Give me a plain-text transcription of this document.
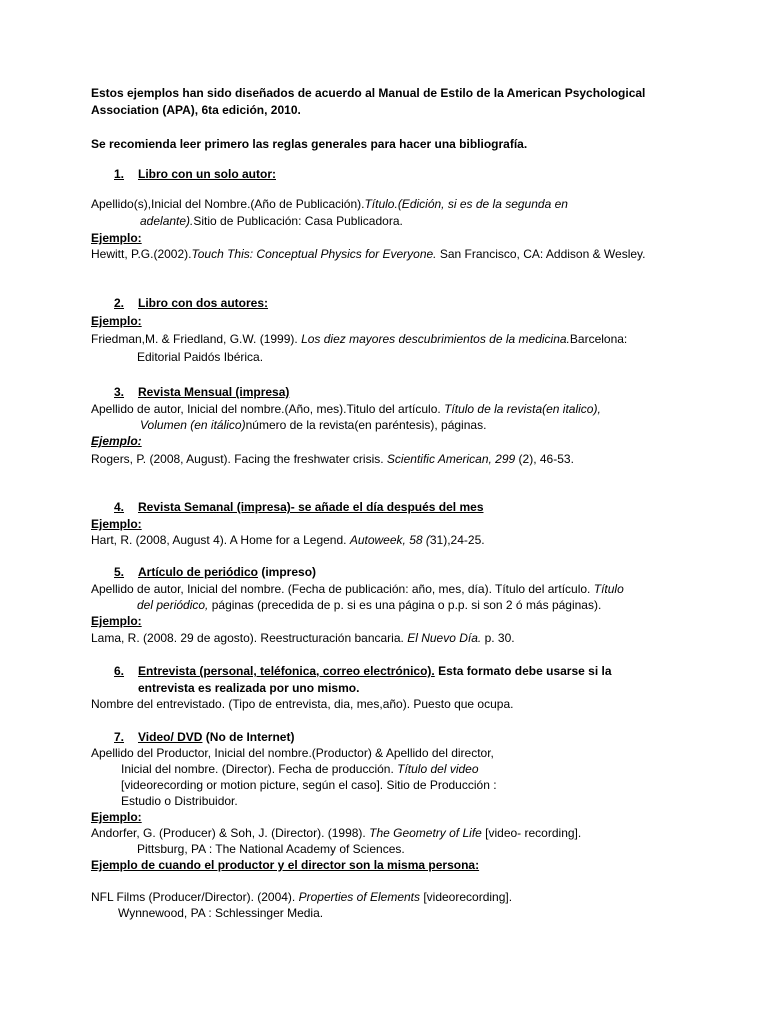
Estos ejemplos han sido diseñados de acuerdo al Manual de Estilo de la American Psychological Association (APA), 6ta edición, 2010.
Se recomienda leer primero las reglas generales para hacer una bibliografía.
1. Libro con un solo autor:
Apellido(s),Inicial del Nombre.(Año de Publicación).Título.(Edición, si es de la segunda en
adelante).Sitio de Publicación: Casa Publicadora.
Ejemplo:
Hewitt, P.G.(2002).Touch This: Conceptual Physics for Everyone. San Francisco, CA: Addison & Wesley.
2. Libro con dos autores:
Ejemplo:
Friedman,M. & Friedland, G.W. (1999). Los diez mayores descubrimientos de la medicina.Barcelona:
Editorial Paidós Ibérica.
3. Revista Mensual (impresa)
Apellido de autor, Inicial del nombre.(Año, mes).Titulo del artículo. Título de la revista(en italico),
Volumen (en itálico)número de la revista(en paréntesis), páginas.
Ejemplo:
Rogers, P. (2008, August). Facing the freshwater crisis. Scientific American, 299 (2), 46-53.
4. Revista Semanal (impresa)- se añade el día después del mes
Ejemplo:
Hart, R. (2008, August 4). A Home for a Legend. Autoweek, 58 (31),24-25.
5. Artículo de periódico (impreso)
Apellido de autor, Inicial del nombre. (Fecha de publicación: año, mes, día). Título del artículo. Título
del periódico, páginas (precedida de p. si es una página o p.p. si son 2 ó más páginas).
Ejemplo:
Lama, R. (2008. 29 de agosto). Reestructuración bancaria. El Nuevo Día. p. 30.
6. Entrevista (personal, teléfonica, correo electrónico). Esta formato debe usarse si la
entrevista es realizada por uno mismo.
Nombre del entrevistado. (Tipo de entrevista, dia, mes,año). Puesto que ocupa.
7. Video/ DVD (No de Internet)
Apellido del Productor, Inicial del nombre.(Productor) & Apellido del director,
Inicial del nombre. (Director). Fecha de producción. Título del video
[videorecording or motion picture, según el caso]. Sitio de Producción :
Estudio o Distribuidor.
Ejemplo:
Andorfer, G. (Producer) & Soh, J. (Director). (1998). The Geometry of Life [video- recording].
Pittsburg, PA : The National Academy of Sciences.
Ejemplo de cuando el productor y el director son la misma persona:
NFL Films (Producer/Director). (2004). Properties of Elements [videorecording].
Wynnewood, PA : Schlessinger Media.
